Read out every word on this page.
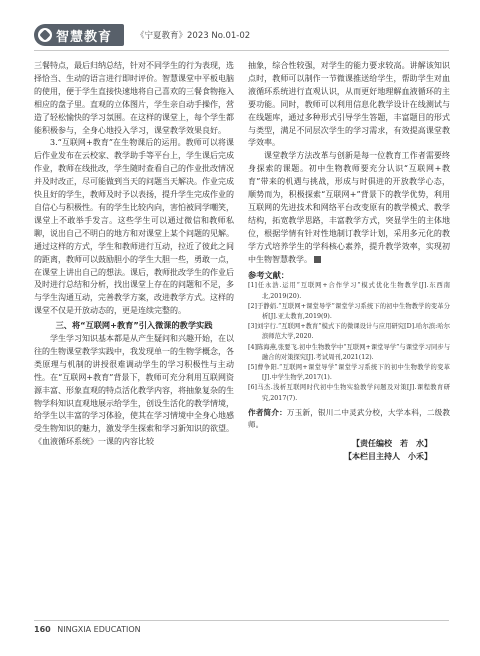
智慧教育	《宁夏教育》2023 No.01-02

三餐特点，最后归纳总结，针对不同学生的行为表现，选择恰当、生动的语言进行即时评价。智慧课堂中平板电脑的使用，便于学生直接快速地将自己喜欢的三餐食物拖入相应的盘子里。直观的立体图片，学生亲自动手操作，营造了轻松愉快的学习氛围。在这样的课堂上，每个学生都能积极参与，全身心地投入学习，课堂教学效果良好。

3.“互联网+教育”在生物课后的运用。教师可以将课后作业发布在云校家、教学助手等平台上，学生课后完成作业，教师在线批改，学生随时查看自己的作业批改情况并及时改正，尽可能做到当天的问题当天解决。作业完成快且好的学生，教师及时予以表扬，提升学生完成作业的自信心与积极性。有的学生比较内向，害怕被同学嘲笑，课堂上不敢举手发言。这些学生可以通过微信和教师私聊，说出自己不明白的地方和对课堂上某个问题的见解。通过这样的方式，学生和教师进行互动，拉近了彼此之间的距离，教师可以鼓励胆小的学生大胆一些，勇敢一点，在课堂上讲出自己的想法。课后，教师批改学生的作业后及时进行总结和分析，找出课堂上存在的问题和不足，多与学生沟通互动，完善教学方案，改进教学方式。这样的课堂不仅是开放动态的，更是连续完整的。

三、将“互联网+教育”引入微课的教学实践

学生学习知识基本都是从产生疑问和兴趣开始，在以往的生物课堂教学实践中，我发现单一的生物学概念，各类原理与机制的讲授很难调动学生的学习积极性与主动性。在“互联网+教育”背景下，教师可充分利用互联网资源丰富、形象直观的特点活化教学内容，将抽象复杂的生物学科知识直观地展示给学生，创设生活化的教学情境，给学生以丰富的学习体验，使其在学习情境中全身心地感受生物知识的魅力，激发学生探索和学习新知识的欲望。《血液循环系统》一课的内容比较

抽象，综合性较强，对学生的能力要求较高。讲解该知识点时，教师可以制作一节微课推送给学生，帮助学生对血液循环系统进行直观认识，从而更好地理解血液循环的主要功能。同时，教师可以利用信息化教学设计在线测试与在线题库，通过多种形式引导学生答题，丰富题目的形式与类型，满足不同层次学生的学习需求，有效提高课堂教学效率。

课堂教学方法改革与创新是每一位教育工作者需要终身探索的课题。初中生物教师要充分认识“互联网+教育”带来的机遇与挑战，形成与时俱进的开放教学心态，顺势而为，积极探索“互联网+”背景下的教学优势，利用互联网的先进技术和网络平台改变原有的教学模式、教学结构，拓宽教学思路，丰富教学方式，突显学生的主体地位，根据学情有针对性地制订教学计划，采用多元化的教学方式培养学生的学科核心素养，提升教学效率，实现初中生物智慧教学。

参考文献：
[1]任永浩.运用“互联网+合作学习”模式优化生物教学[J].东西南北,2019(20).
[2]于静娟.“互联网+课堂导学”课堂学习系统下的初中生物教学的变革分析[J].亚太教育,2019(9).
[3]刘宇行.“互联网+教育”模式下的微课设计与应用研究[D].哈尔滨:哈尔滨师范大学,2020.
[4]陈海燕,张要飞.初中生物教学中“互联网+课堂导学”与课堂学习同步与融合的对策探究[J].考试周刊,2021(12).
[5]曹争阳.“互联网+课堂导学”课堂学习系统下的初中生物教学的变革[J].中学生物学,2017(1).
[6]马杰.浅析互联网时代初中生物实验教学问题及对策[J].课程教育研究,2017(7).
作者简介：万玉新，银川二中灵武分校，大学本科，二级教师。
【责任编校　若　水】
【本栏目主持人　小禾】
160 NINGXIA EDUCATION
